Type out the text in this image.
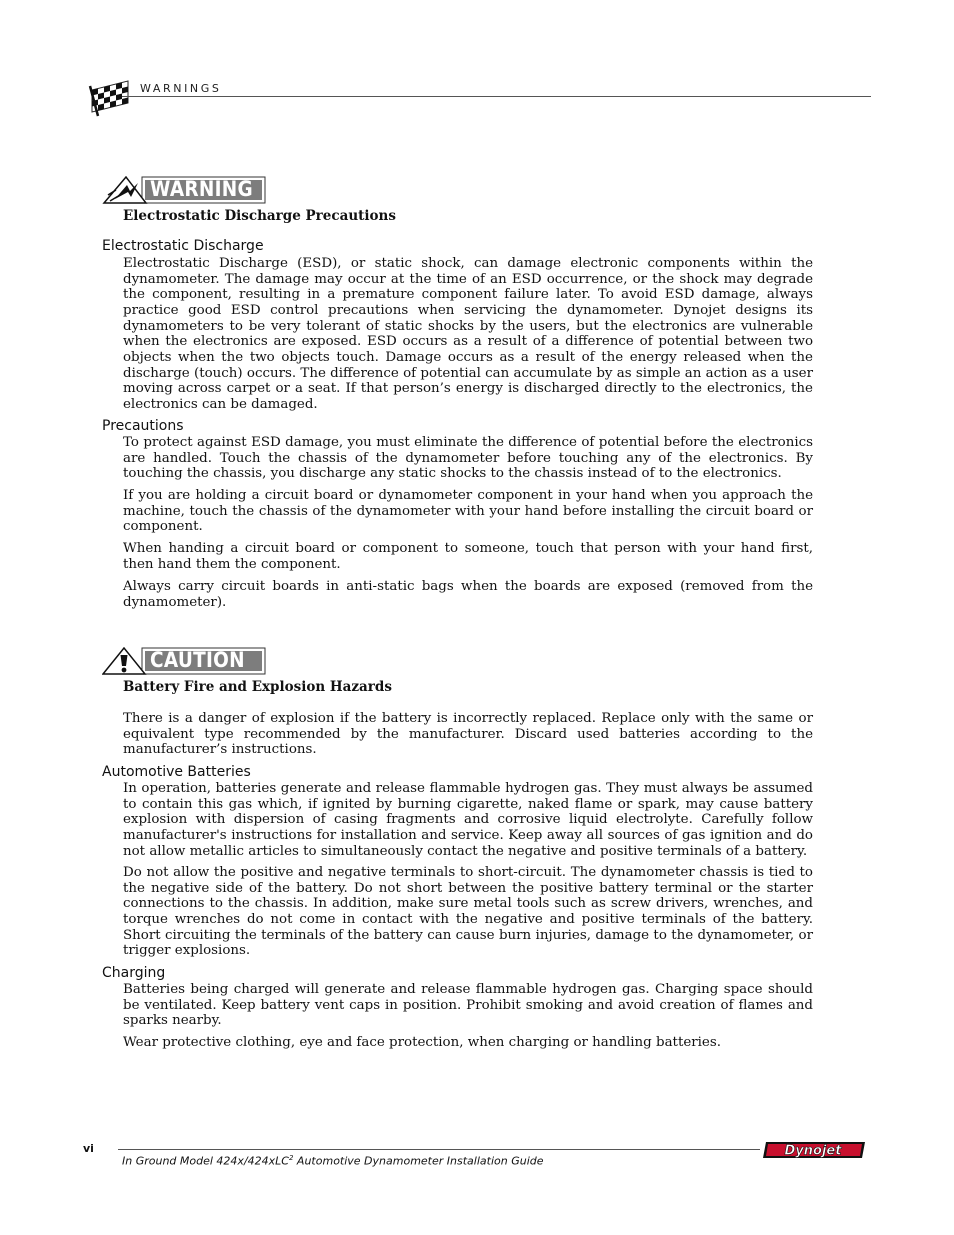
WARNINGS
WARNING
Electrostatic Discharge Precautions
Electrostatic Discharge

Electrostatic Discharge (ESD), or static shock, can damage electronic components within the dynamometer. The damage may occur at the time of an ESD occurrence, or the shock may degrade the component, resulting in a premature component failure later. To avoid ESD damage, always practice good ESD control precautions when servicing the dynamometer. Dynojet designs its dynamometers to be very tolerant of static shocks by the users, but the electronics are vulnerable when the electronics are exposed. ESD occurs as a result of a difference of potential between two objects when the two objects touch. Damage occurs as a result of the energy released when the discharge (touch) occurs. The difference of potential can accumulate by as simple an action as a user moving across carpet or a seat. If that person’s energy is discharged directly to the electronics, the electronics can be damaged.

Precautions

To protect against ESD damage, you must eliminate the difference of potential before the electronics are handled. Touch the chassis of the dynamometer before touching any of the electronics. By touching the chassis, you discharge any static shocks to the chassis instead of to the electronics.

If you are holding a circuit board or dynamometer component in your hand when you approach the machine, touch the chassis of the dynamometer with your hand before installing the circuit board or component.

When handing a circuit board or component to someone, touch that person with your hand first, then hand them the component.

Always carry circuit boards in anti-static bags when the boards are exposed (removed from the dynamometer).

CAUTION
Battery Fire and Explosion Hazards

There is a danger of explosion if the battery is incorrectly replaced. Replace only with the same or equivalent type recommended by the manufacturer. Discard used batteries according to the manufacturer’s instructions.

Automotive Batteries

In operation, batteries generate and release flammable hydrogen gas. They must always be assumed to contain this gas which, if ignited by burning cigarette, naked flame or spark, may cause battery explosion with dispersion of casing fragments and corrosive liquid electrolyte. Carefully follow manufacturer's instructions for installation and service. Keep away all sources of gas ignition and do not allow metallic articles to simultaneously contact the negative and positive terminals of a battery.

Do not allow the positive and negative terminals to short-circuit. The dynamometer chassis is tied to the negative side of the battery. Do not short between the positive battery terminal or the starter connections to the chassis. In addition, make sure metal tools such as screw drivers, wrenches, and torque wrenches do not come in contact with the negative and positive terminals of the battery. Short circuiting the terminals of the battery can cause burn injuries, damage to the dynamometer, or trigger explosions.

Charging

Batteries being charged will generate and release flammable hydrogen gas. Charging space should be ventilated. Keep battery vent caps in position. Prohibit smoking and avoid creation of flames and sparks nearby.

Wear protective clothing, eye and face protection, when charging or handling batteries.

vi
In Ground Model 424x/424xLC$^2$ Automotive Dynamometer Installation Guide
Dynojet
